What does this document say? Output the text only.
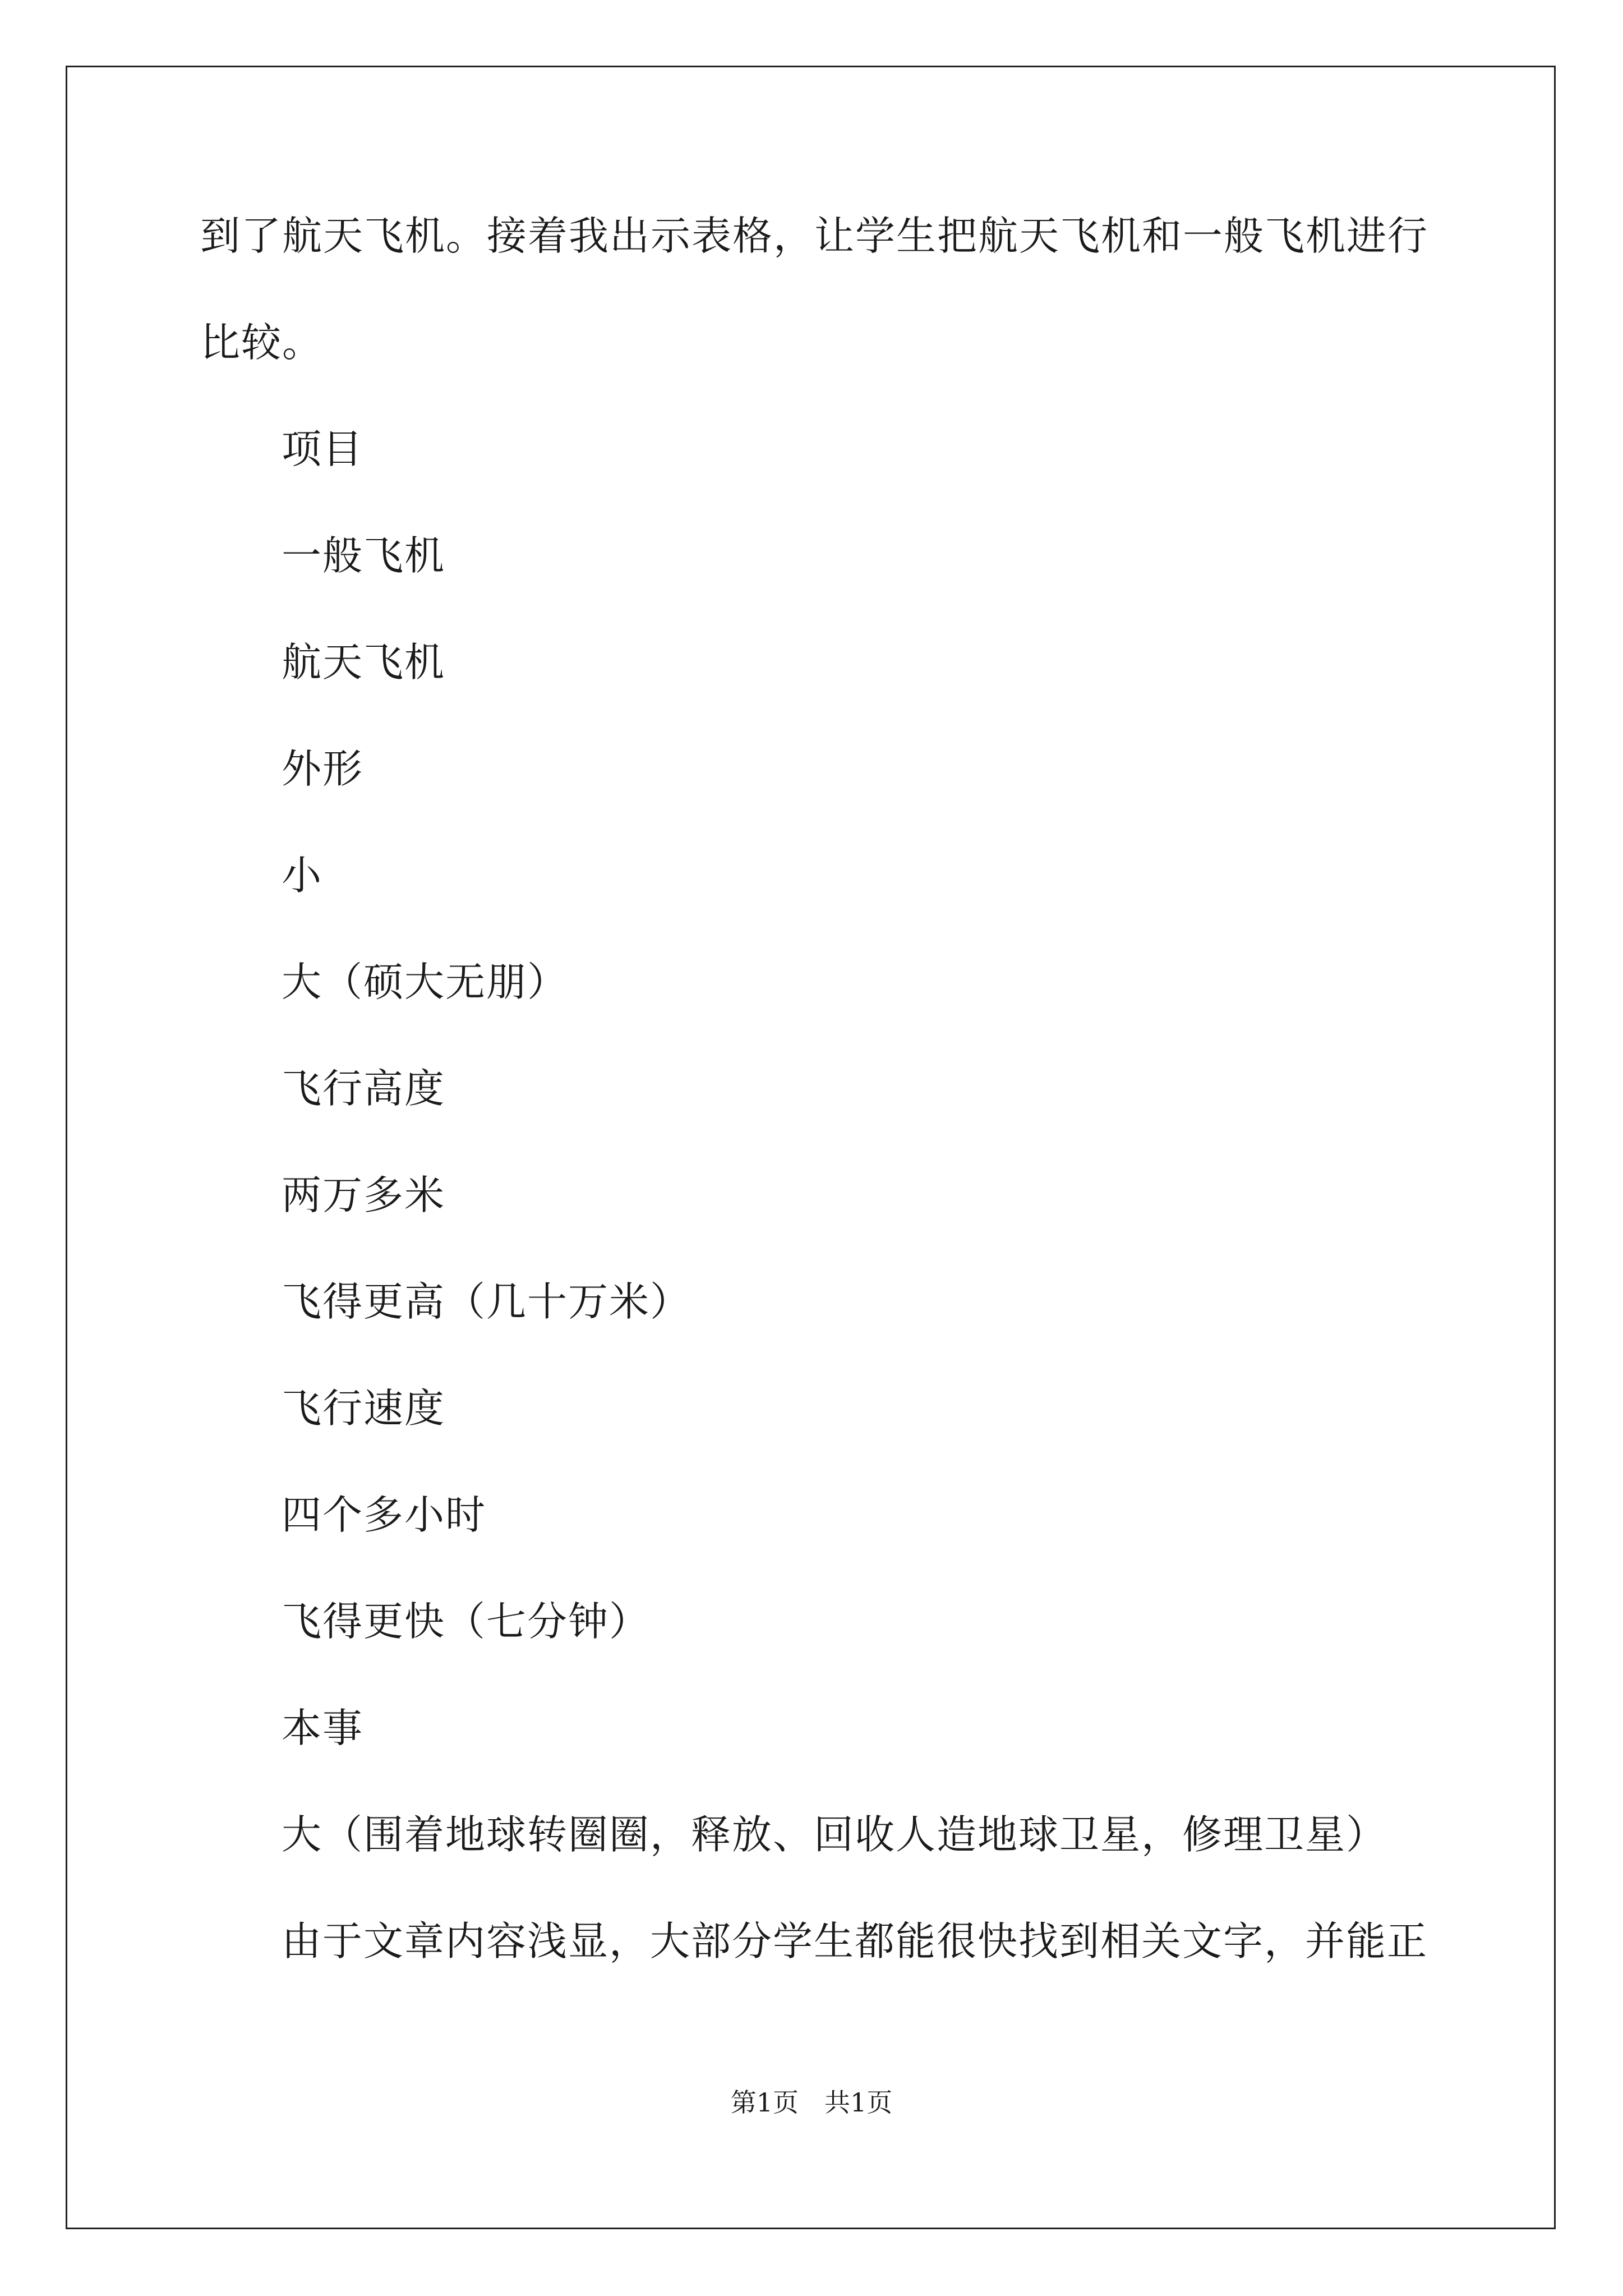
到了航天飞机。接着我出示表格，让学生把航天飞机和一般飞机进行
比较。
项目
一般飞机
航天飞机
外形
小
大（硕大无朋）
飞行高度
两万多米
飞得更高（几十万米）
飞行速度
四个多小时
飞得更快（七分钟）
本事
大（围着地球转圈圈，释放、回收人造地球卫星，修理卫星）
由于文章内容浅显，大部分学生都能很快找到相关文字，并能正
第1页　共1页
